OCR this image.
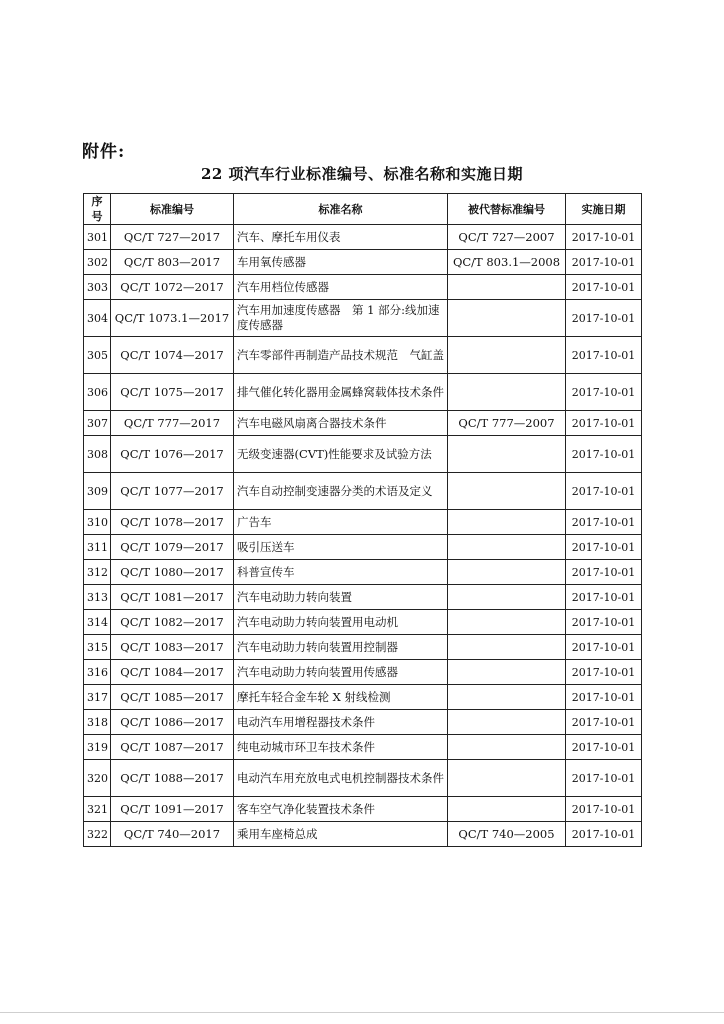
附件:
22 项汽车行业标准编号、标准名称和实施日期
序号	标准编号	标准名称	被代替标准编号	实施日期
301	QC/T 727—2017	汽车、摩托车用仪表	QC/T 727—2007	2017-10-01
302	QC/T 803—2017	车用氧传感器	QC/T 803.1—2008	2017-10-01
303	QC/T 1072—2017	汽车用档位传感器		2017-10-01
304	QC/T 1073.1—2017	汽车用加速度传感器　第 1 部分:线加速度传感器		2017-10-01
305	QC/T 1074—2017	汽车零部件再制造产品技术规范　气缸盖		2017-10-01
306	QC/T 1075—2017	排气催化转化器用金属蜂窝载体技术条件		2017-10-01
307	QC/T 777—2017	汽车电磁风扇离合器技术条件	QC/T 777—2007	2017-10-01
308	QC/T 1076—2017	无级变速器(CVT)性能要求及试验方法		2017-10-01
309	QC/T 1077—2017	汽车自动控制变速器分类的术语及定义		2017-10-01
310	QC/T 1078—2017	广告车		2017-10-01
311	QC/T 1079—2017	吸引压送车		2017-10-01
312	QC/T 1080—2017	科普宣传车		2017-10-01
313	QC/T 1081—2017	汽车电动助力转向装置		2017-10-01
314	QC/T 1082—2017	汽车电动助力转向装置用电动机		2017-10-01
315	QC/T 1083—2017	汽车电动助力转向装置用控制器		2017-10-01
316	QC/T 1084—2017	汽车电动助力转向装置用传感器		2017-10-01
317	QC/T 1085—2017	摩托车轻合金车轮 X 射线检测		2017-10-01
318	QC/T 1086—2017	电动汽车用增程器技术条件		2017-10-01
319	QC/T 1087—2017	纯电动城市环卫车技术条件		2017-10-01
320	QC/T 1088—2017	电动汽车用充放电式电机控制器技术条件		2017-10-01
321	QC/T 1091—2017	客车空气净化装置技术条件		2017-10-01
322	QC/T 740—2017	乘用车座椅总成	QC/T 740—2005	2017-10-01
